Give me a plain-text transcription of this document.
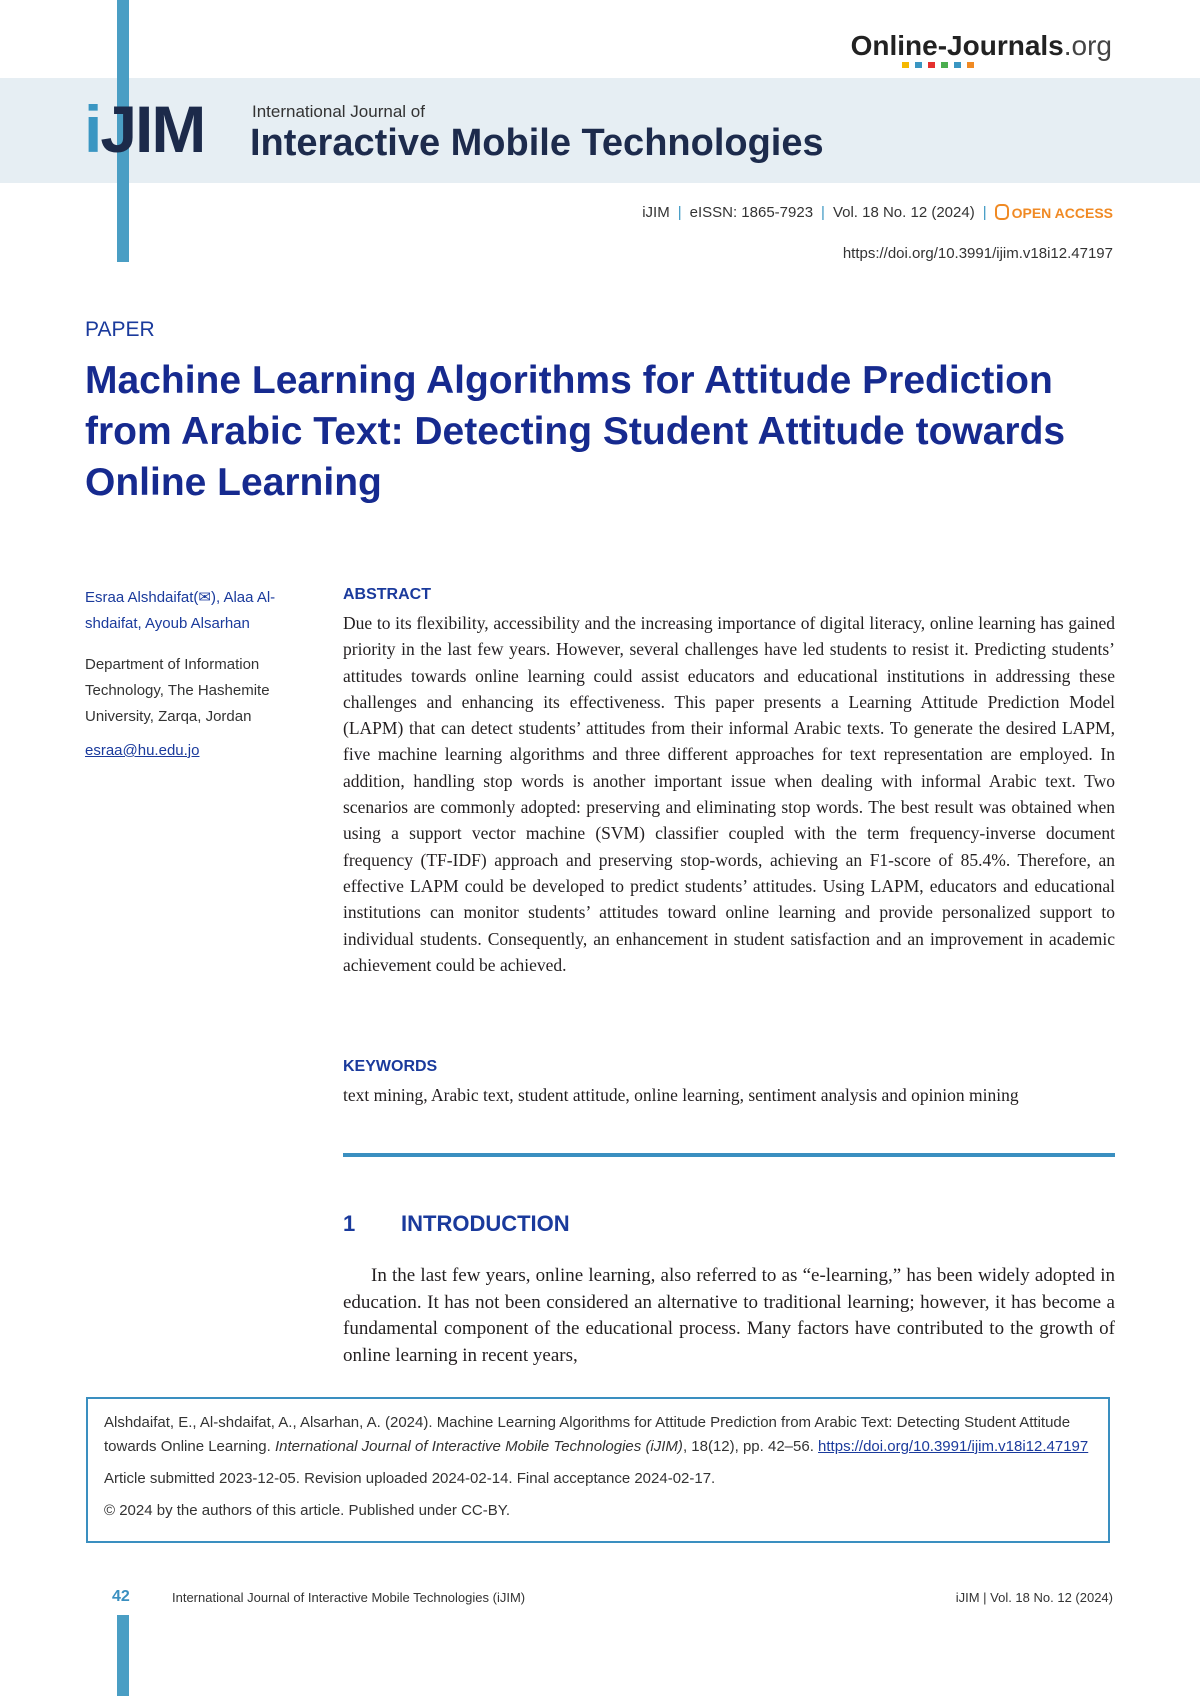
Online-Journals.org
iJIM	International Journal of
Interactive Mobile Technologies
iJIM | eISSN: 1865-7923 | Vol. 18 No. 12 (2024) |	OPEN ACCESS
https://doi.org/10.3991/ijim.v18i12.47197
PAPER
Machine Learning Algorithms for Attitude Prediction from Arabic Text: Detecting Student Attitude towards Online Learning
Esraa Alshdaifat(✉), Alaa Al-shdaifat, Ayoub Alsarhan
Department of Information Technology, The Hashemite University, Zarqa, Jordan
esraa@hu.edu.jo
ABSTRACT
Due to its flexibility, accessibility and the increasing importance of digital literacy, online learning has gained priority in the last few years. However, several challenges have led students to resist it. Predicting students’ attitudes towards online learning could assist educators and educational institutions in addressing these challenges and enhancing its effectiveness. This paper presents a Learning Attitude Prediction Model (LAPM) that can detect students’ attitudes from their informal Arabic texts. To generate the desired LAPM, five machine learning algorithms and three different approaches for text representation are employed. In addition, handling stop words is another important issue when dealing with informal Arabic text. Two scenarios are commonly adopted: preserving and eliminating stop words. The best result was obtained when using a support vector machine (SVM) classifier coupled with the term frequency-inverse document frequency (TF-IDF) approach and preserving stop-words, achieving an F1-score of 85.4%. Therefore, an effective LAPM could be developed to predict students’ attitudes. Using LAPM, educators and educational institutions can monitor students’ attitudes toward online learning and provide personalized support to individual students. Consequently, an enhancement in student satisfaction and an improvement in academic achievement could be achieved.
KEYWORDS
text mining, Arabic text, student attitude, online learning, sentiment analysis and opinion mining
1 INTRODUCTION
In the last few years, online learning, also referred to as “e-learning,” has been widely adopted in education. It has not been considered an alternative to traditional learning; however, it has become a fundamental component of the educational process. Many factors have contributed to the growth of online learning in recent years,

Alshdaifat, E., Al-shdaifat, A., Alsarhan, A. (2024). Machine Learning Algorithms for Attitude Prediction from Arabic Text: Detecting Student Attitude towards Online Learning. International Journal of Interactive Mobile Technologies (iJIM), 18(12), pp. 42–56. https://doi.org/10.3991/ijim.v18i12.47197

Article submitted 2023-12-05. Revision uploaded 2024-02-14. Final acceptance 2024-02-17.

© 2024 by the authors of this article. Published under CC-BY.

42	International Journal of Interactive Mobile Technologies (iJIM)	iJIM | Vol. 18 No. 12 (2024)
